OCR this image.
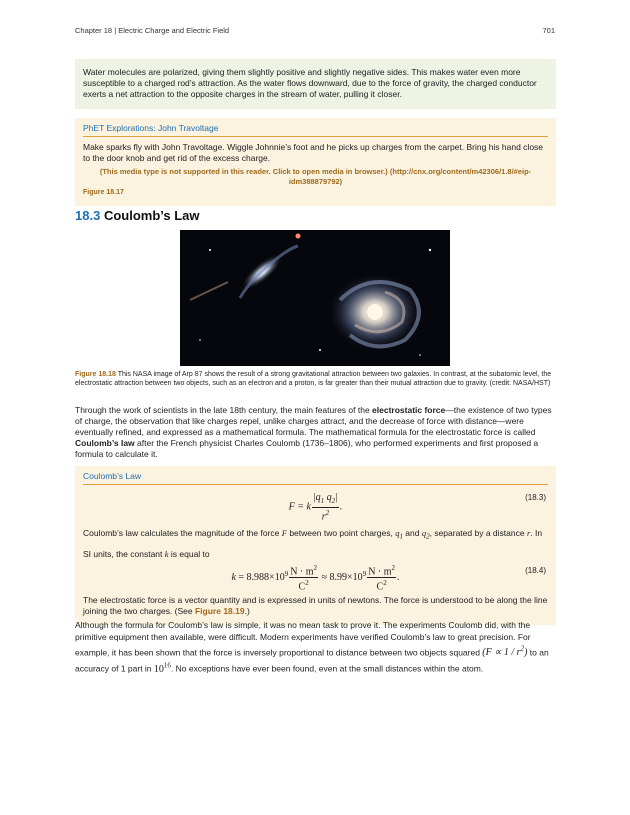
Chapter 18 | Electric Charge and Electric Field	701
Water molecules are polarized, giving them slightly positive and slightly negative sides. This makes water even more susceptible to a charged rod’s attraction. As the water flows downward, due to the force of gravity, the charged conductor exerts a net attraction to the opposite charges in the stream of water, pulling it closer.
PhET Explorations: John Travoltage
Make sparks fly with John Travoltage. Wiggle Johnnie’s foot and he picks up charges from the carpet. Bring his hand close to the door knob and get rid of the excess charge.
(This media type is not supported in this reader. Click to open media in browser.) (http://cnx.org/content/m42306/1.8/#eip-idm388879792)
Figure 18.17
18.3 Coulomb’s Law
Figure 18.18 This NASA image of Arp 87 shows the result of a strong gravitational attraction between two galaxies. In contrast, at the subatomic level, the electrostatic attraction between two objects, such as an electron and a proton, is far greater than their mutual attraction due to gravity. (credit: NASA/HST)
Through the work of scientists in the late 18th century, the main features of the electrostatic force—the existence of two types of charge, the observation that like charges repel, unlike charges attract, and the decrease of force with distance—were eventually refined, and expressed as a mathematical formula. The mathematical formula for the electrostatic force is called Coulomb’s law after the French physicist Charles Coulomb (1736–1806), who performed experiments and first proposed a formula to calculate it.
Coulomb’s Law
F = k $\frac{|q_1 q_2|}{r^2}$ .
(18.3)
Coulomb’s law calculates the magnitude of the force F between two point charges, $q_1$ and $q_2$, separated by a distance r. In SI units, the constant k is equal to
$k = 8.988\times 10^9 \frac{N \cdot m^2}{C^2} \approx 8.99\times 10^9 \frac{N \cdot m^2}{C^2}$ .
(18.4)
The electrostatic force is a vector quantity and is expressed in units of newtons. The force is understood to be along the line joining the two charges. (See Figure 18.19.)
Although the formula for Coulomb’s law is simple, it was no mean task to prove it. The experiments Coulomb did, with the primitive equipment then available, were difficult. Modern experiments have verified Coulomb’s law to great precision. For example, it has been shown that the force is inversely proportional to distance between two objects squared $(F \propto 1 / r^2)$ to an accuracy of 1 part in $10^{16}$. No exceptions have ever been found, even at the small distances within the atom.
